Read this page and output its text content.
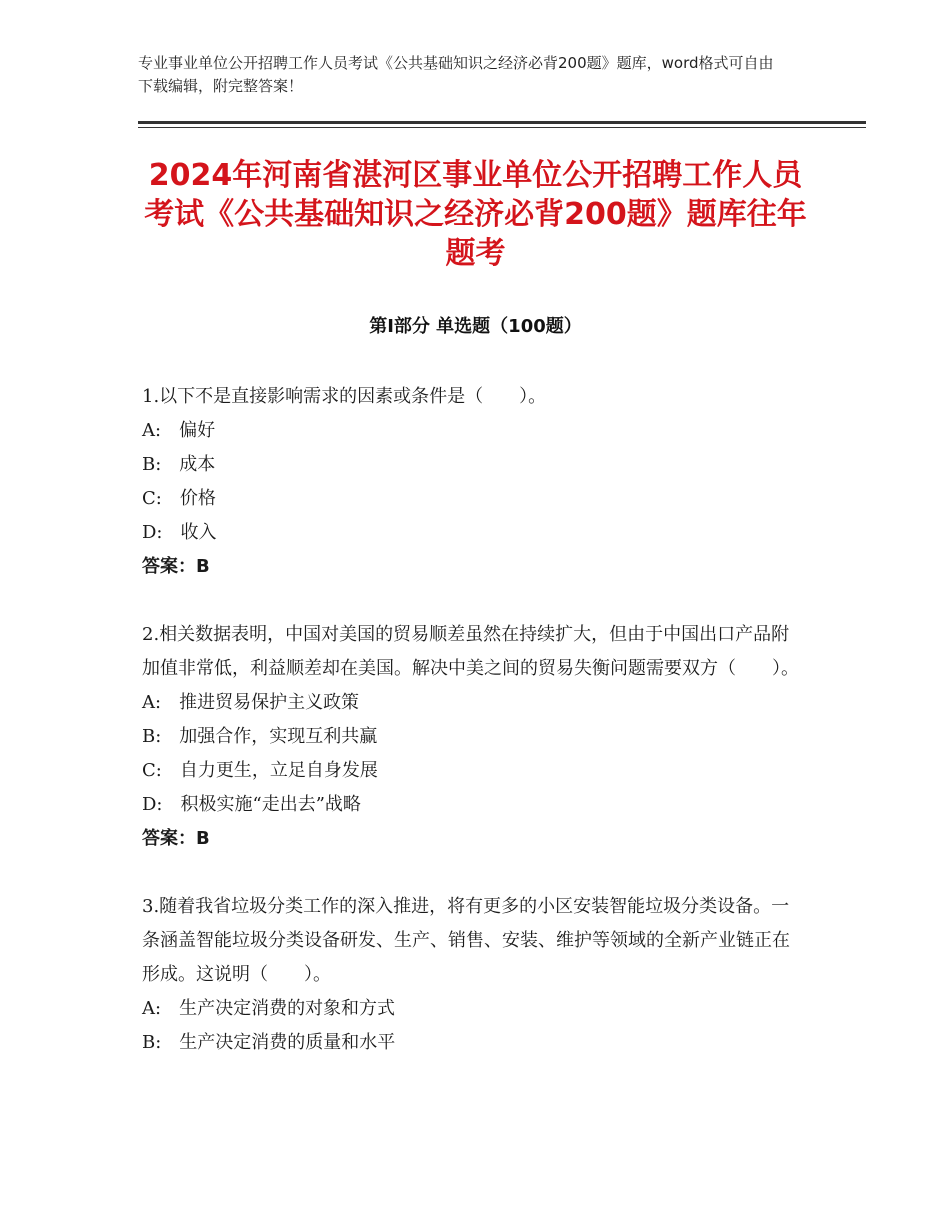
专业事业单位公开招聘工作人员考试《公共基础知识之经济必背200题》题库，word格式可自由下载编辑，附完整答案！
2024年河南省湛河区事业单位公开招聘工作人员考试《公共基础知识之经济必背200题》题库往年题考
第Ⅰ部分 单选题（100题）

1.以下不是直接影响需求的因素或条件是（　　）。

A:　偏好

B:　成本

C:　价格

D:　收入

答案：B

2.相关数据表明，中国对美国的贸易顺差虽然在持续扩大，但由于中国出口产品附加值非常低，利益顺差却在美国。解决中美之间的贸易失衡问题需要双方（　　）。

A:　推进贸易保护主义政策

B:　加强合作，实现互利共赢

C:　自力更生，立足自身发展

D:　积极实施“走出去”战略

答案：B

3.随着我省垃圾分类工作的深入推进，将有更多的小区安装智能垃圾分类设备。一条涵盖智能垃圾分类设备研发、生产、销售、安装、维护等领域的全新产业链正在形成。这说明（　　）。

A:　生产决定消费的对象和方式

B:　生产决定消费的质量和水平
